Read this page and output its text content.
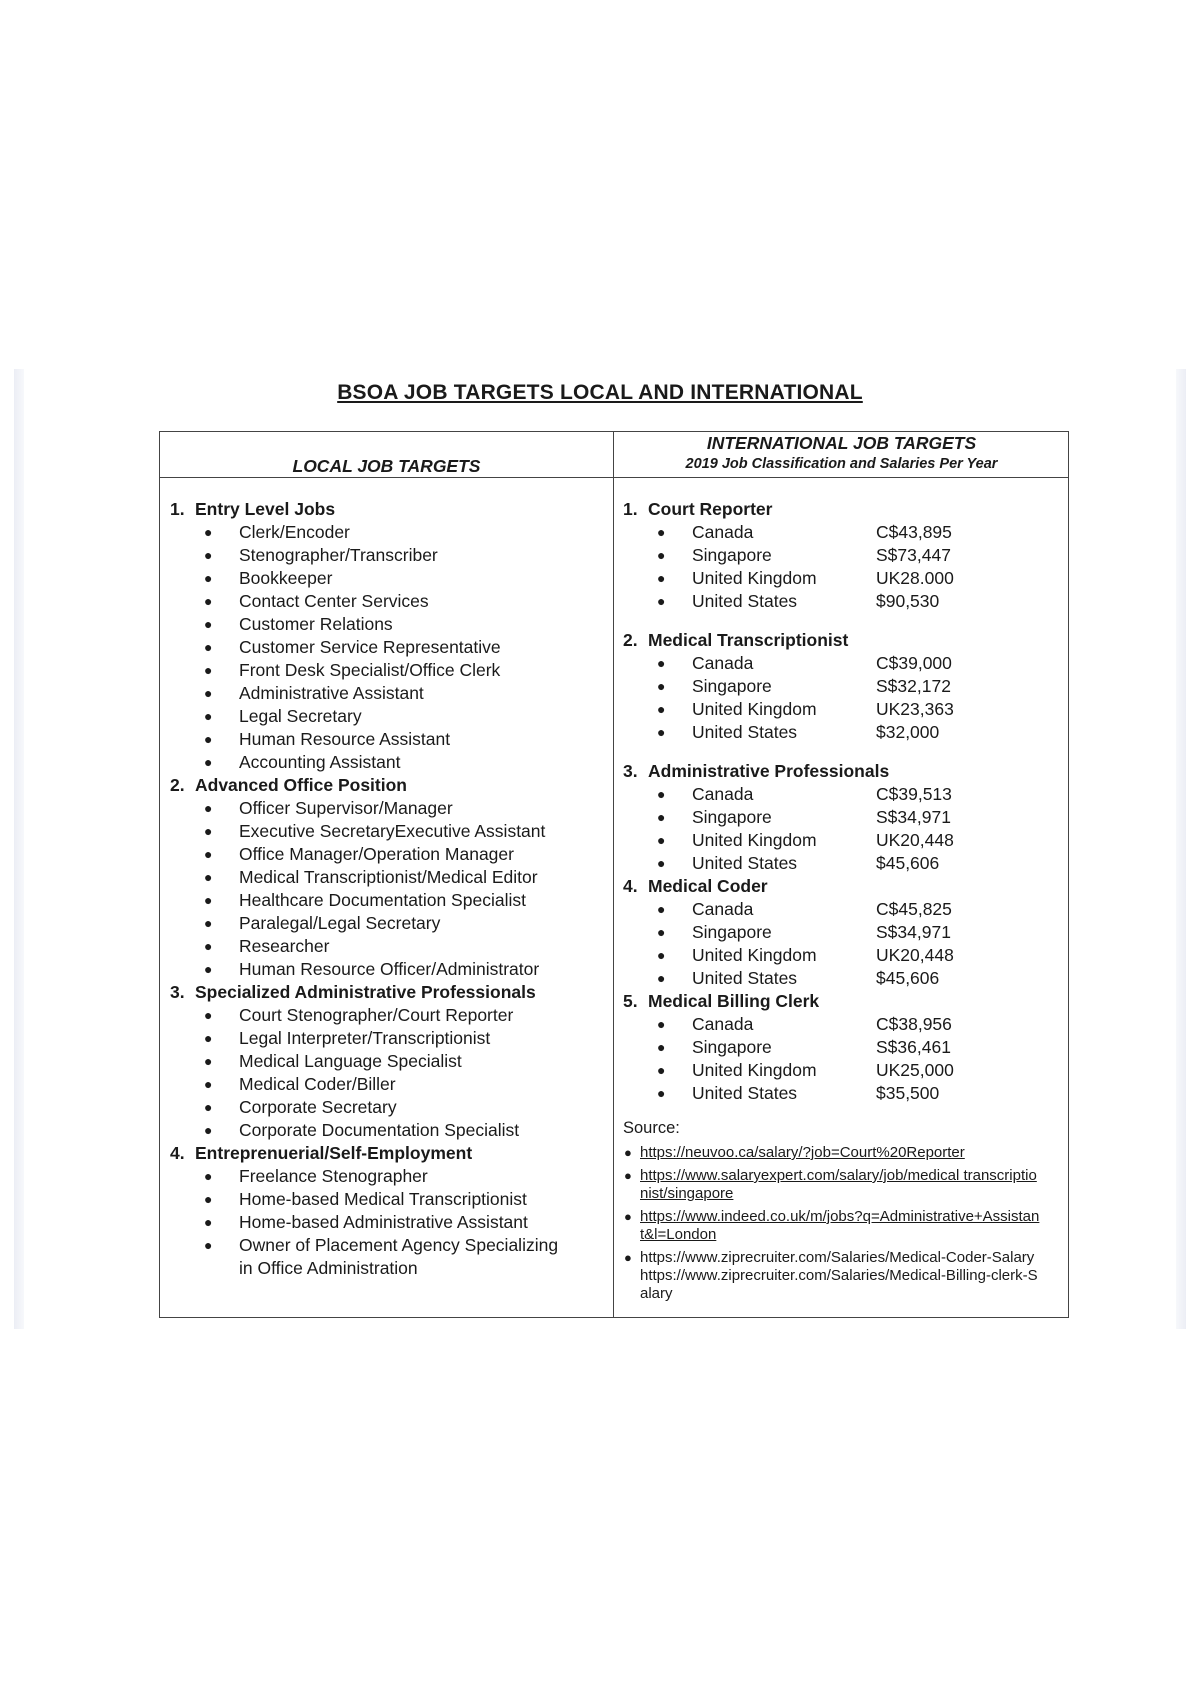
BSOA JOB TARGETS LOCAL AND INTERNATIONAL
LOCAL JOB TARGETS
INTERNATIONAL JOB TARGETS
2019 Job Classification and Salaries Per Year
1. Entry Level Jobs
● Clerk/Encoder
● Stenographer/Transcriber
● Bookkeeper
● Contact Center Services
● Customer Relations
● Customer Service Representative
● Front Desk Specialist/Office Clerk
● Administrative Assistant
● Legal Secretary
● Human Resource Assistant
● Accounting Assistant
2. Advanced Office Position
● Officer Supervisor/Manager
● Executive SecretaryExecutive Assistant
● Office Manager/Operation Manager
● Medical Transcriptionist/Medical Editor
● Healthcare Documentation Specialist
● Paralegal/Legal Secretary
● Researcher
● Human Resource Officer/Administrator
3. Specialized Administrative Professionals
● Court Stenographer/Court Reporter
● Legal Interpreter/Transcriptionist
● Medical Language Specialist
● Medical Coder/Biller
● Corporate Secretary
● Corporate Documentation Specialist
4. Entreprenuerial/Self-Employment
● Freelance Stenographer
● Home-based Medical Transcriptionist
● Home-based Administrative Assistant
● Owner of Placement Agency Specializing in Office Administration
1. Court Reporter
● Canada	C$43,895
● Singapore	S$73,447
● United Kingdom	UK28.000
● United States	$90,530
2. Medical Transcriptionist
● Canada	C$39,000
● Singapore	S$32,172
● United Kingdom	UK23,363
● United States	$32,000
3. Administrative Professionals
● Canada	C$39,513
● Singapore	S$34,971
● United Kingdom	UK20,448
● United States	$45,606
4. Medical Coder
● Canada	C$45,825
● Singapore	S$34,971
● United Kingdom	UK20,448
● United States	$45,606
5. Medical Billing Clerk
● Canada	C$38,956
● Singapore	S$36,461
● United Kingdom	UK25,000
● United States	$35,500
Source:
● https://neuvoo.ca/salary/?job=Court%20Reporter
● https://www.salaryexpert.com/salary/job/medical transcriptionist/singapore
● https://www.indeed.co.uk/m/jobs?q=Administrative+Assistant&l=London
● https://www.ziprecruiter.com/Salaries/Medical-Coder-Salaryhttps://www.ziprecruiter.com/Salaries/Medical-Billing-clerk-Salary
